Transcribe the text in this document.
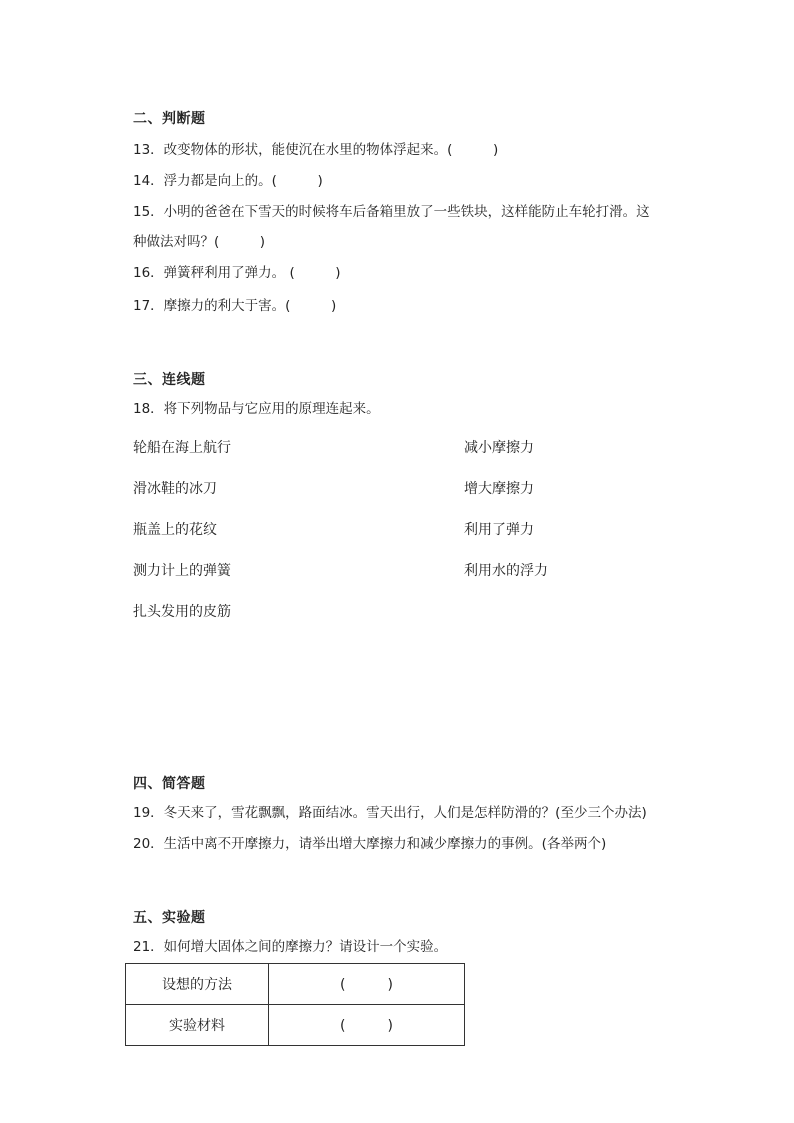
二、判断题
13．改变物体的形状，能使沉在水里的物体浮起来。(　　　)
14．浮力都是向上的。(　　　)
15．小明的爸爸在下雪天的时候将车后备箱里放了一些铁块，这样能防止车轮打滑。这
种做法对吗？(　　　)
16．弹簧秤利用了弹力。 (　　　)
17．摩擦力的利大于害。(　　　)
三、连线题
18．将下列物品与它应用的原理连起来。
轮船在海上航行
滑冰鞋的冰刀
瓶盖上的花纹
测力计上的弹簧
扎头发用的皮筋
减小摩擦力
增大摩擦力
利用了弹力
利用水的浮力
四、简答题
19．冬天来了，雪花飘飘，路面结冰。雪天出行，人们是怎样防滑的？(至少三个办法)
20．生活中离不开摩擦力，请举出增大摩擦力和减少摩擦力的事例。(各举两个)
五、实验题
21．如何增大固体之间的摩擦力？请设计一个实验。
设想的方法	(　　　)
实验材料	(　　　)
